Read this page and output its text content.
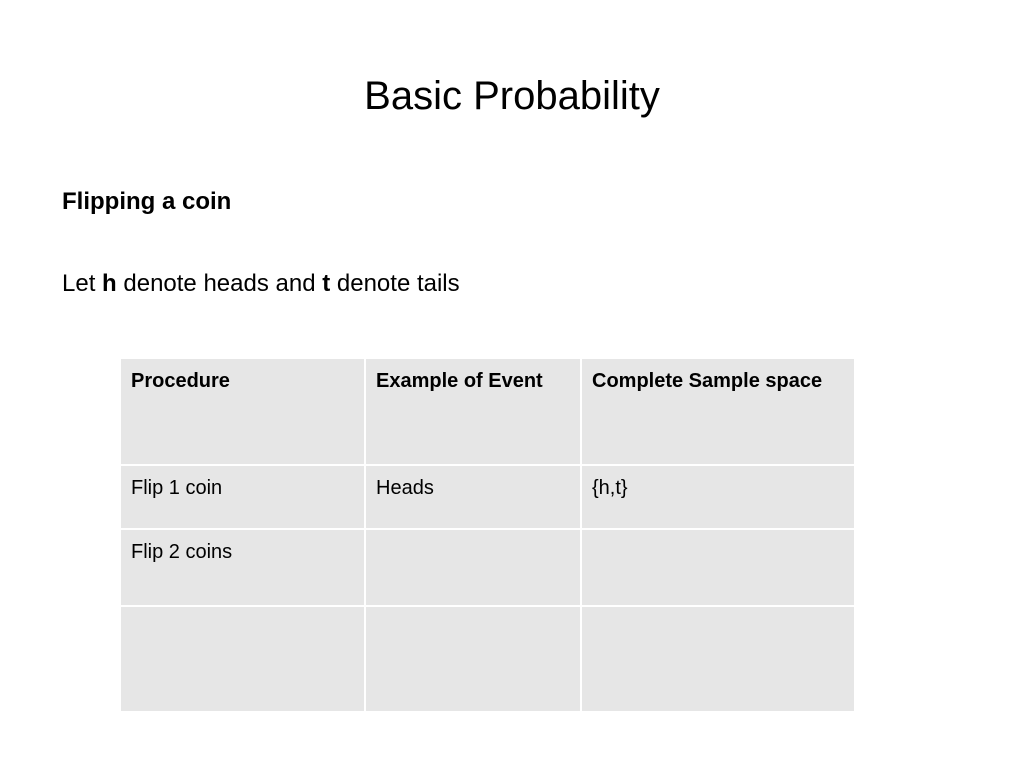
Basic Probability

Flipping a coin

Let h denote heads and t denote tails

Procedure	Example of Event	Complete Sample space
Flip 1 coin	Heads	{h,t}
Flip 2 coins		
